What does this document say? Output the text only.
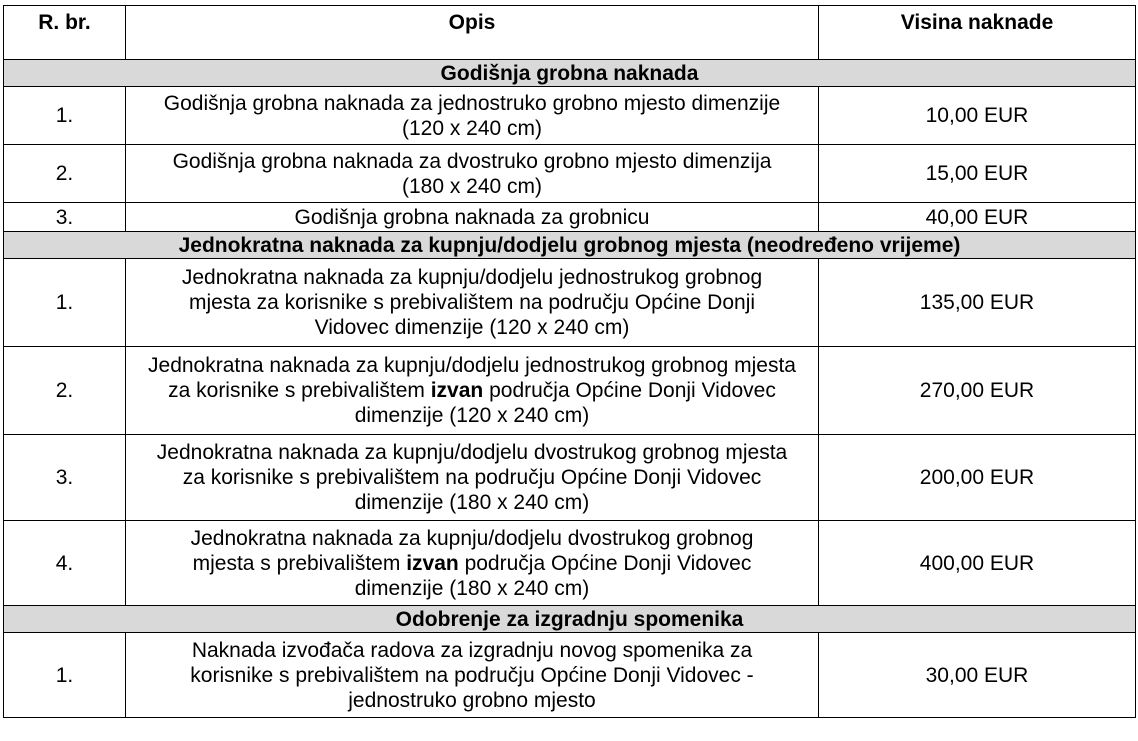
R. br.	Opis	Visina naknade
Godišnja grobna naknada		
1.	Godišnja grobna naknada za jednostruko grobno mjesto dimenzije (120 x 240 cm)	10,00 EUR
2.	Godišnja grobna naknada za dvostruko grobno mjesto dimenzija (180 x 240 cm)	15,00 EUR
3.	Godišnja grobna naknada za grobnicu	40,00 EUR
Jednokratna naknada za kupnju/dodjelu grobnog mjesta (neodređeno vrijeme)		
1.	Jednokratna naknada za kupnju/dodjelu jednostrukog grobnog mjesta za korisnike s prebivalištem na području Općine Donji Vidovec dimenzije (120 x 240 cm)	135,00 EUR
2.	Jednokratna naknada za kupnju/dodjelu jednostrukog grobnog mjesta za korisnike s prebivalištem izvan područja Općine Donji Vidovec dimenzije (120 x 240 cm)	270,00 EUR
3.	Jednokratna naknada za kupnju/dodjelu dvostrukog grobnog mjesta za korisnike s prebivalištem na području Općine Donji Vidovec dimenzije (180 x 240 cm)	200,00 EUR
4.	Jednokratna naknada za kupnju/dodjelu dvostrukog grobnog mjesta s prebivalištem izvan područja Općine Donji Vidovec dimenzije (180 x 240 cm)	400,00 EUR
Odobrenje za izgradnju spomenika		
1.	Naknada izvođača radova za izgradnju novog spomenika za korisnike s prebivalištem na području Općine Donji Vidovec - jednostruko grobno mjesto	30,00 EUR
